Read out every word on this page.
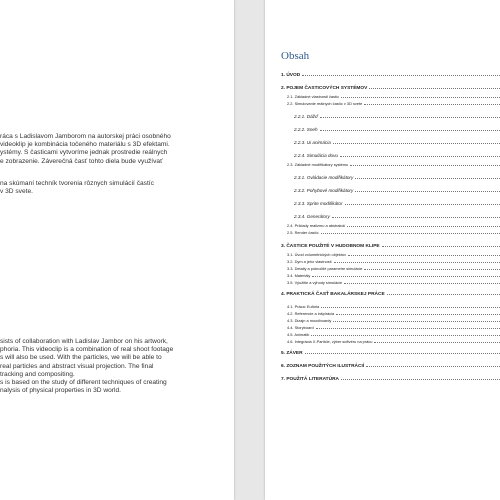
ráca s Ladislavom Jamborom na autorskej práci osobného
videoklip je kombinácia točeného materiálu s 3D efektami.
ystémy. S časticami vytvoríme jednak prostredie reálnych
e zobrazenie. Záverečná časť tohto diela bude využívať
na skúmaní techník tvorenia rôznych simulácií častíc
v 3D svete.
sists of collaboration with Ladislav Jambor on his artwork,
phoria. This videoclip is a combination of real shoot footage
s will also be used. With the particles, we will be able to
real particles and abstract visual projection. The final
tracking and compositing.
s is based on the study of different techniques of creating
nalysis of physical properties in 3D world.
Obsah
1. ÚVOD
2. POJEM ČASTICOVÝCH SYSTÉMOV
2.1. Základné vlastnosti častíc
2.2. Simulovanie reálnych častíc v 3D svete
2.2.1. Dážď
2.2.2. Sneh
2.2.3. Ui animácia
2.2.4. Simulácia dovu
2.3. Základné modifikátory systému
2.3.1. Ovládacie modifikátory
2.3.2. Pohybové modifikátory
2.3.3. Sprite modifikátor
2.3.4. Generátory
2.4. Príklady realizmu a abstrakcií
2.5. Render častíc
3. ČASTICE POUŽITÉ V HUDOBNOM KLIPE
3.1. Úvod volumetrických objektov
3.2. Dym a jeho vlastnosti
3.3. Detaily a pokročilé parametre simulácie
3.4. Materiály
3.5. Výužitie a výhody simulácie
4. PRAKTICKÁ ČASŤ BAKALÁRSKEJ PRÁCE
4.1. Práca: Eufória
4.2. Referencie a inšpirácia
4.3. Dizajn a moodboardy
4.4. Storyboard
4.5. Animatik
4.6. Integrácia X-Particle, výber softvéru na prácu
5. ZÁVER
6. ZOZNAM POUŽITÝCH ILUSTRÁCIÍ
7. POUŽITÁ LITERATÚRA
